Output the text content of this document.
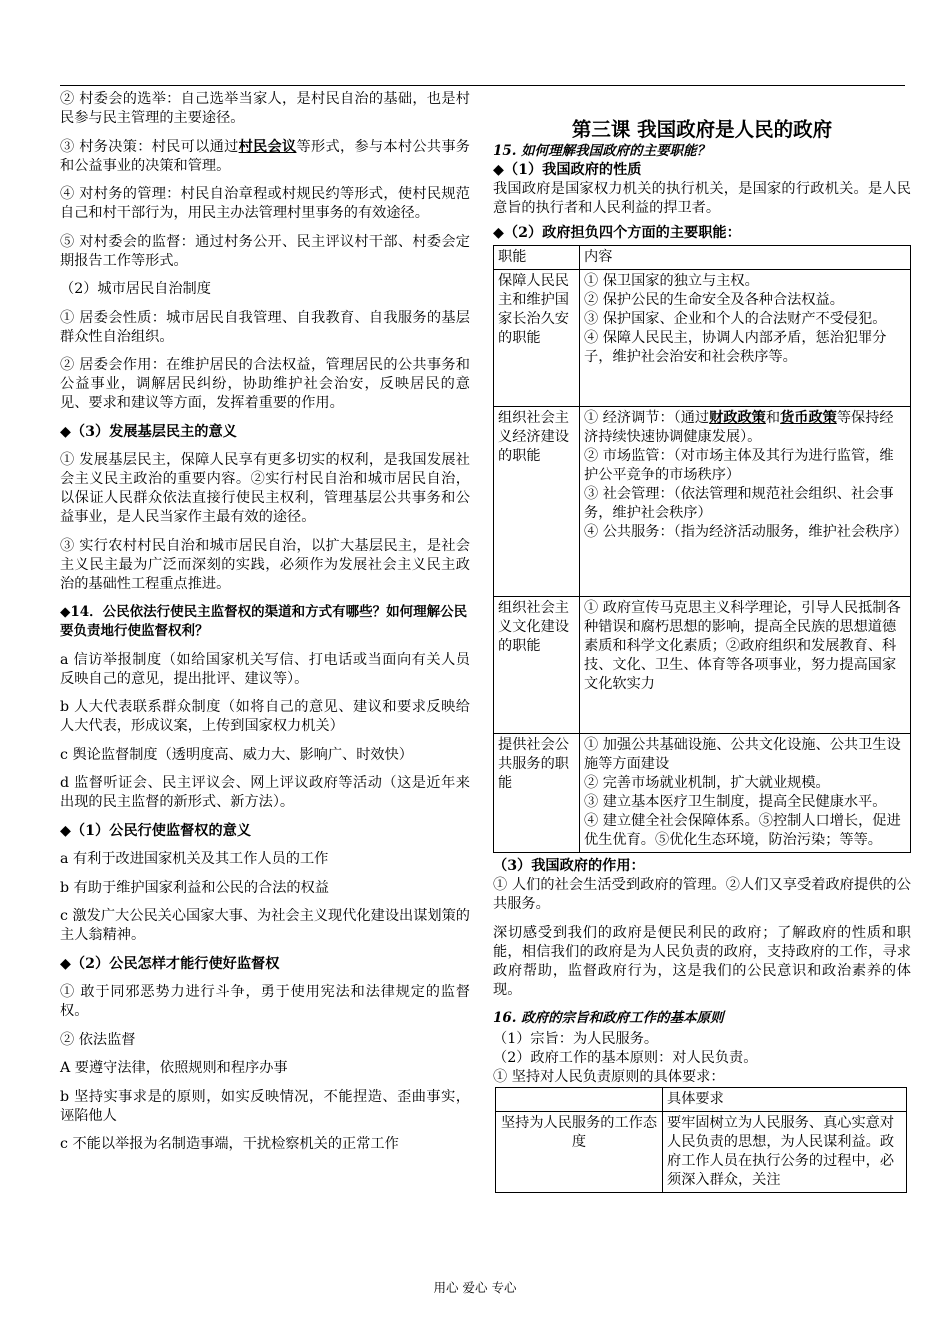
② 村委会的选举：自己选举当家人，是村民自治的基础，也是村民参与民主管理的主要途径。

③ 村务决策：村民可以通过村民会议等形式，参与本村公共事务和公益事业的决策和管理。

④ 对村务的管理：村民自治章程或村规民约等形式，使村民规范自己和村干部行为，用民主办法管理村里事务的有效途径。

⑤ 对村委会的监督：通过村务公开、民主评议村干部、村委会定期报告工作等形式。

（2）城市居民自治制度

① 居委会性质：城市居民自我管理、自我教育、自我服务的基层群众性自治组织。

② 居委会作用：在维护居民的合法权益，管理居民的公共事务和公益事业，调解居民纠纷，协助维护社会治安，反映居民的意见、要求和建议等方面，发挥着重要的作用。

◆（3）发展基层民主的意义

① 发展基层民主，保障人民享有更多切实的权利，是我国发展社会主义民主政治的重要内容。②实行村民自治和城市居民自治，以保证人民群众依法直接行使民主权利，管理基层公共事务和公益事业，是人民当家作主最有效的途径。

③ 实行农村村民自治和城市居民自治，以扩大基层民主，是社会主义民主最为广泛而深刻的实践，必须作为发展社会主义民主政治的基础性工程重点推进。

◆14．公民依法行使民主监督权的渠道和方式有哪些？如何理解公民要负责地行使监督权利？

a 信访举报制度（如给国家机关写信、打电话或当面向有关人员反映自己的意见，提出批评、建议等）。

b 人大代表联系群众制度（如将自己的意见、建议和要求反映给人大代表，形成议案，上传到国家权力机关）

c 舆论监督制度（透明度高、威力大、影响广、时效快）

d 监督听证会、民主评议会、网上评议政府等活动（这是近年来出现的民主监督的新形式、新方法）。

◆（1）公民行使监督权的意义

a 有利于改进国家机关及其工作人员的工作

b 有助于维护国家利益和公民的合法的权益

c 激发广大公民关心国家大事、为社会主义现代化建设出谋划策的主人翁精神。

◆（2）公民怎样才能行使好监督权

① 敢于同邪恶势力进行斗争，勇于使用宪法和法律规定的监督权。

② 依法监督

A 要遵守法律，依照规则和程序办事

b 坚持实事求是的原则，如实反映情况，不能捏造、歪曲事实，诬陷他人

c 不能以举报为名制造事端，干扰检察机关的正常工作

第三课 我国政府是人民的政府

15. 如何理解我国政府的主要职能？

◆（1）我国政府的性质

我国政府是国家权力机关的执行机关，是国家的行政机关。是人民意旨的执行者和人民利益的捍卫者。

◆（2）政府担负四个方面的主要职能：

职能	内容
保障人民民主和维护国家长治久安的职能	① 保卫国家的独立与主权。
② 保护公民的生命安全及各种合法权益。
③ 保护国家、企业和个人的合法财产不受侵犯。
④ 保障人民民主，协调人内部矛盾，惩治犯罪分子，维护社会治安和社会秩序等。
组织社会主义经济建设的职能	① 经济调节：（通过财政政策和货币政策等保持经济持续快速协调健康发展）。
② 市场监管：（对市场主体及其行为进行监管，维护公平竞争的市场秩序）
③ 社会管理：（依法管理和规范社会组织、社会事务，维护社会秩序）
④ 公共服务：（指为经济活动服务，维护社会秩序）
组织社会主义文化建设的职能	① 政府宣传马克思主义科学理论，引导人民抵制各种错误和腐朽思想的影响，提高全民族的思想道德素质和科学文化素质；②政府组织和发展教育、科技、文化、卫生、体育等各项事业，努力提高国家文化软实力
提供社会公共服务的职能	① 加强公共基础设施、公共文化设施、公共卫生设施等方面建设
② 完善市场就业机制，扩大就业规模。
③ 建立基本医疗卫生制度，提高全民健康水平。
④ 建立健全社会保障体系。⑤控制人口增长，促进优生优育。⑤优化生态环境，防治污染；等等。

（3）我国政府的作用：

① 人们的社会生活受到政府的管理。②人们又享受着政府提供的公共服务。

深切感受到我们的政府是便民利民的政府；了解政府的性质和职能，相信我们的政府是为人民负责的政府，支持政府的工作，寻求政府帮助，监督政府行为，这是我们的公民意识和政治素养的体现。

16. 政府的宗旨和政府工作的基本原则

（1）宗旨：为人民服务。

（2）政府工作的基本原则：对人民负责。

① 坚持对人民负责原则的具体要求：

	具体要求
坚持为人民服务的工作态度	要牢固树立为人民服务、真心实意对人民负责的思想，为人民谋利益。政府工作人员在执行公务的过程中，必须深入群众，关注
用心 爱心 专心
